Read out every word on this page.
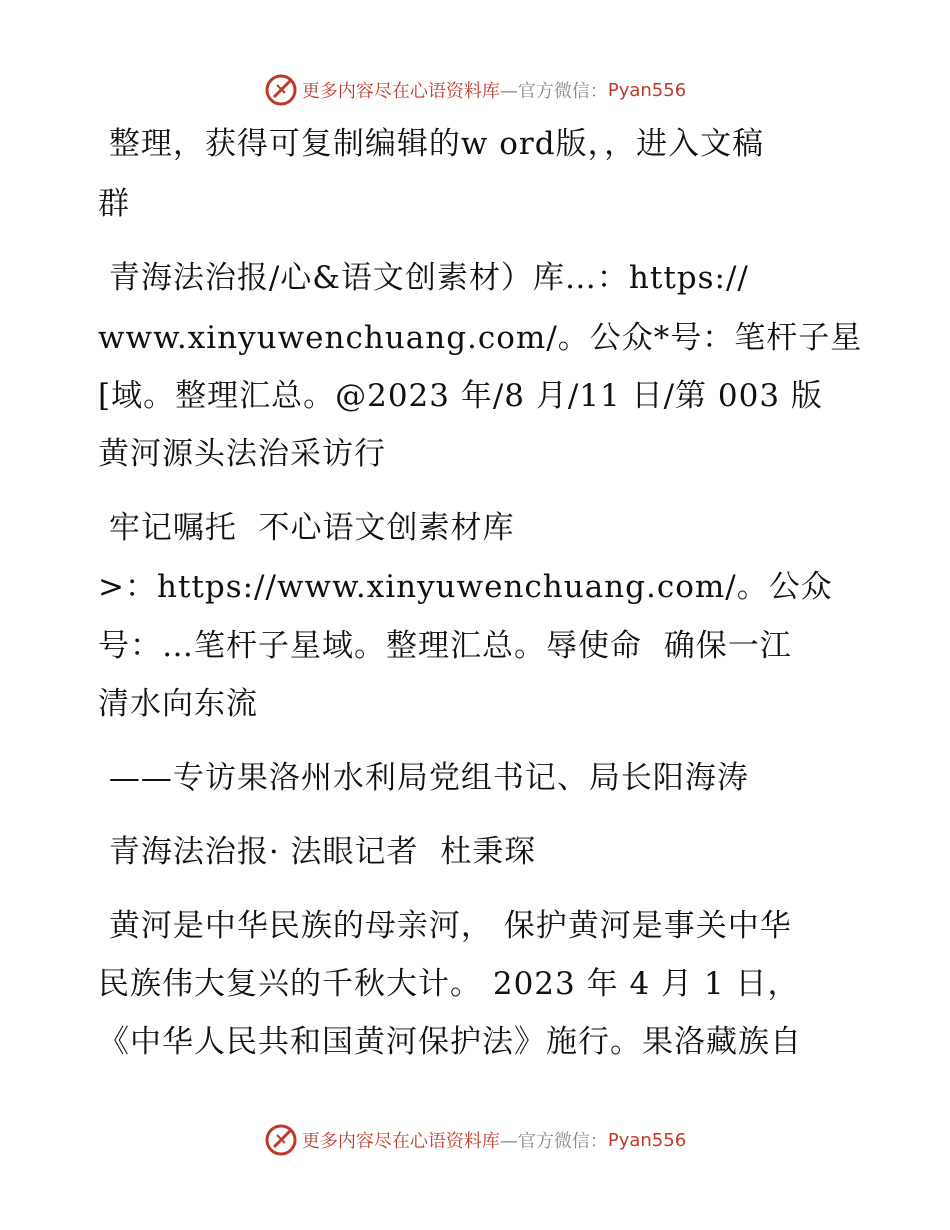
更多内容尽在心语资料库 —官方微信： Pyan556
整理，获得可复制编辑的w ord版，，进入文稿
群
青海法治报/心&语文创素材）库…：https://
www.xinyuwenchuang.com/。公众*号：笔杆子星
[域。整理汇总。@2023 年/8 月/11 日/第 003 版
黄河源头法治采访行
牢记嘱托  不心语文创素材库
>：https://www.xinyuwenchuang.com/。公众
号：…笔杆子星域。整理汇总。辱使命  确保一江
清水向东流
——专访果洛州水利局党组书记、局长阳海涛
青海法治报· 法眼记者  杜秉琛
黄河是中华民族的母亲河， 保护黄河是事关中华
民族伟大复兴的千秋大计。 2023 年 4 月 1 日，
《中华人民共和国黄河保护法》施行。果洛藏族自
更多内容尽在心语资料库 —官方微信： Pyan556
